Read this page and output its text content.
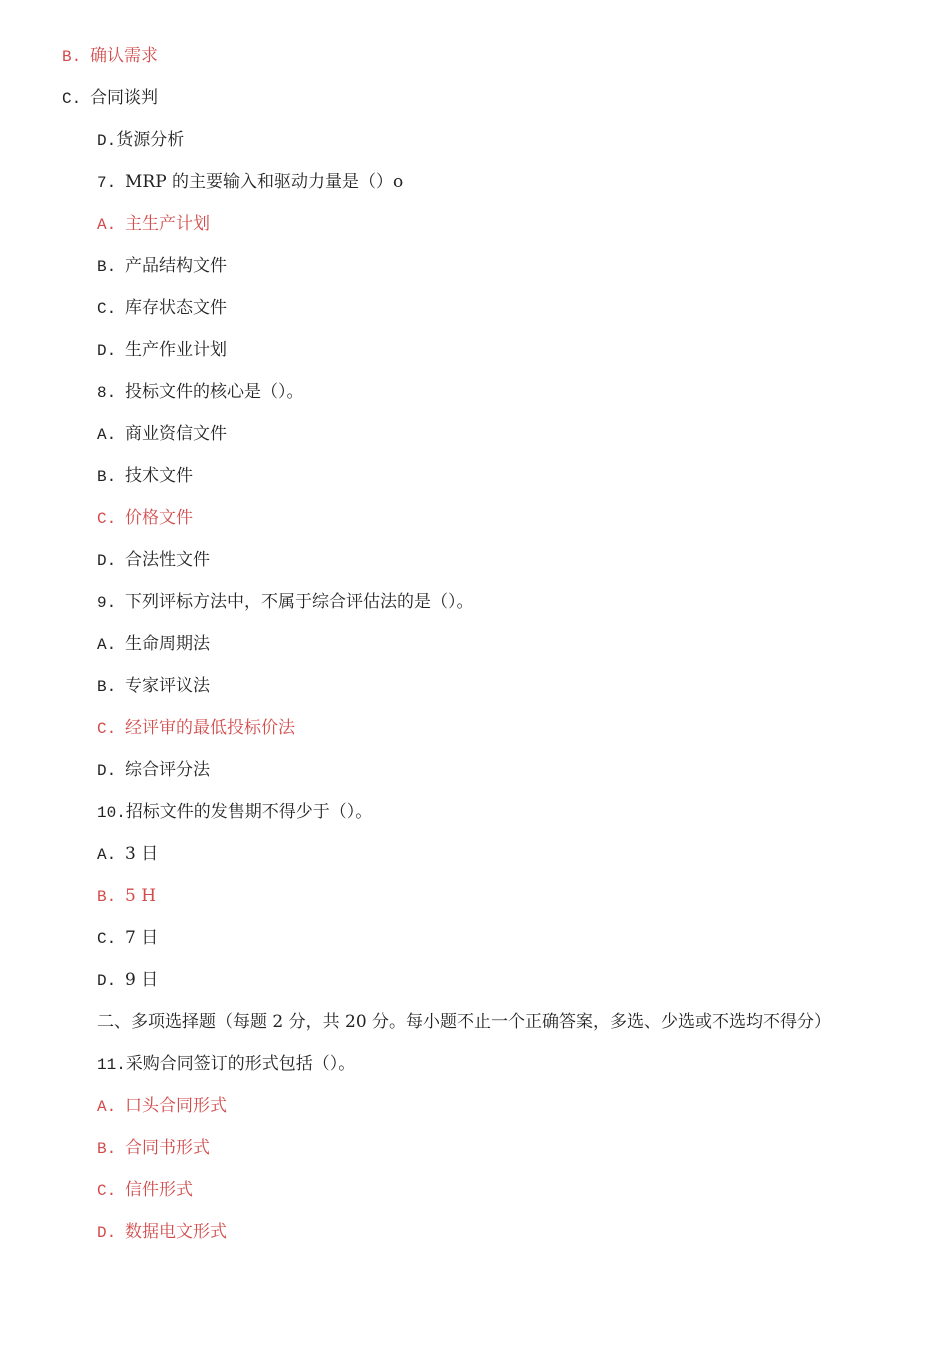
B. 确认需求
C. 合同谈判
D.货源分析
7. MRP 的主要输入和驱动力量是（）o
A. 主生产计划
B. 产品结构文件
C. 库存状态文件
D. 生产作业计划
8. 投标文件的核心是（）。
A. 商业资信文件
B. 技术文件
C. 价格文件
D. 合法性文件
9. 下列评标方法中，不属于综合评估法的是（）。
A. 生命周期法
B. 专家评议法
C. 经评审的最低投标价法
D. 综合评分法
10.招标文件的发售期不得少于（）。
A. 3 日
B. 5 H
C. 7 日
D. 9 日
二、多项选择题（每题 2 分，共 20 分。每小题不止一个正确答案，多选、少选或不选均不得分）
11.采购合同签订的形式包括（）。
A. 口头合同形式
B. 合同书形式
C. 信件形式
D. 数据电文形式
